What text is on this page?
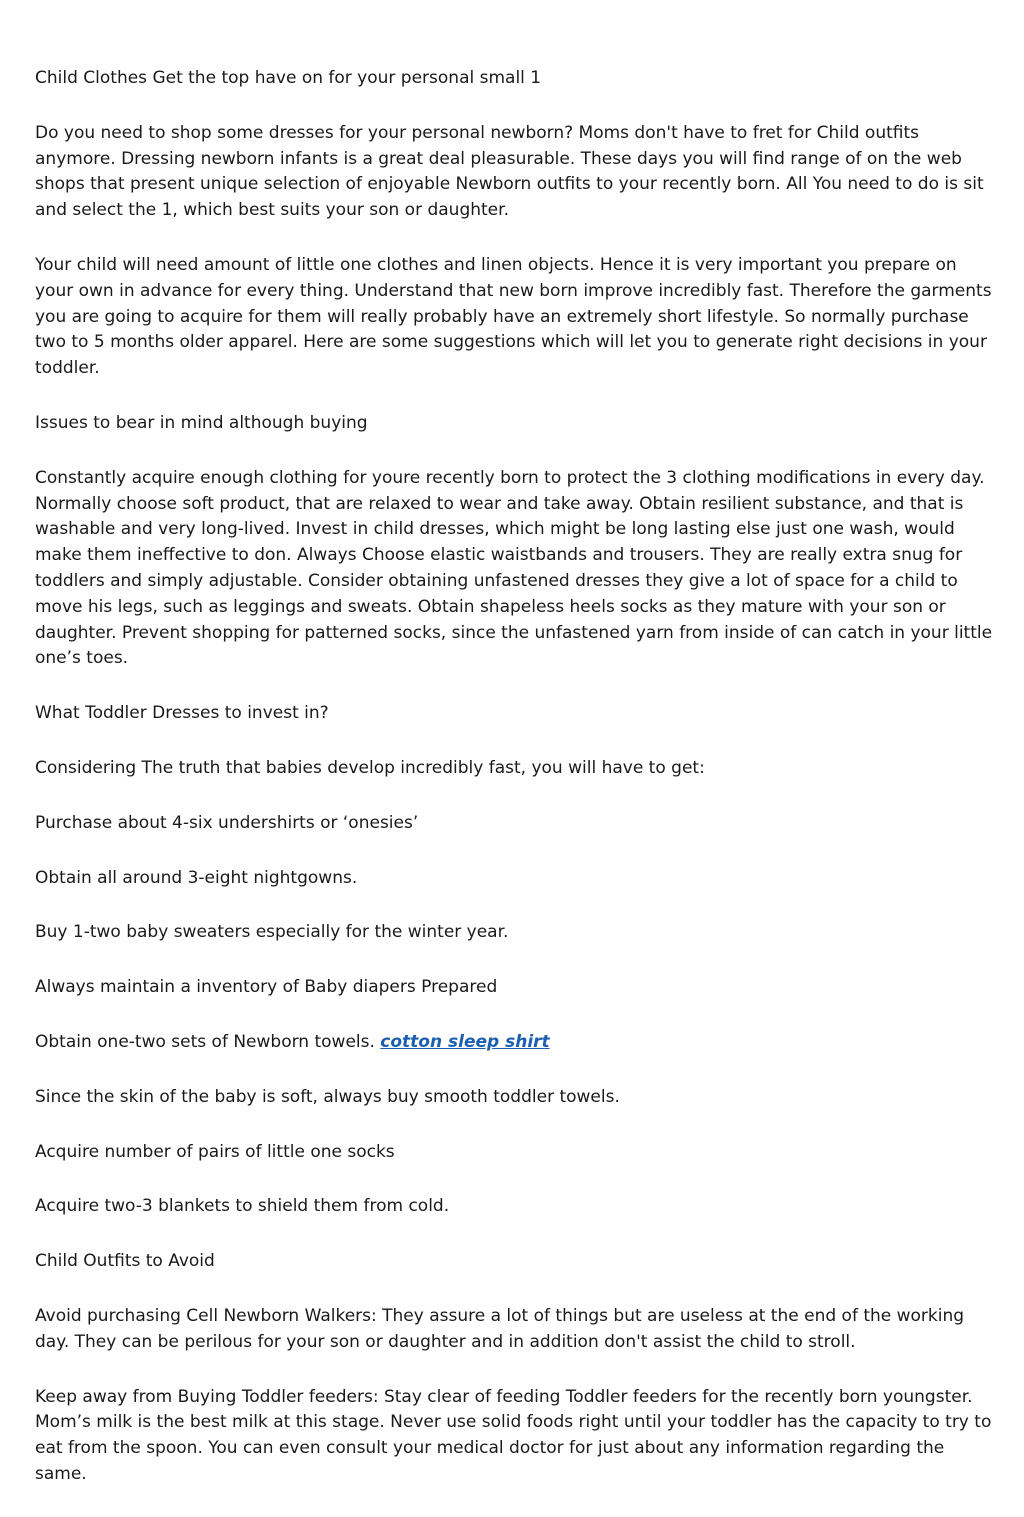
Child Clothes Get the top have on for your personal small 1

Do you need to shop some dresses for your personal newborn? Moms don't have to fret for Child outfits anymore. Dressing newborn infants is a great deal pleasurable. These days you will find range of on the web shops that present unique selection of enjoyable Newborn outfits to your recently born. All You need to do is sit and select the 1, which best suits your son or daughter.

Your child will need amount of little one clothes and linen objects. Hence it is very important you prepare on your own in advance for every thing. Understand that new born improve incredibly fast. Therefore the garments you are going to acquire for them will really probably have an extremely short lifestyle. So normally purchase two to 5 months older apparel. Here are some suggestions which will let you to generate right decisions in your toddler.

Issues to bear in mind although buying

Constantly acquire enough clothing for youre recently born to protect the 3 clothing modifications in every day. Normally choose soft product, that are relaxed to wear and take away. Obtain resilient substance, and that is washable and very long-lived. Invest in child dresses, which might be long lasting else just one wash, would make them ineffective to don. Always Choose elastic waistbands and trousers. They are really extra snug for toddlers and simply adjustable. Consider obtaining unfastened dresses they give a lot of space for a child to move his legs, such as leggings and sweats. Obtain shapeless heels socks as they mature with your son or daughter. Prevent shopping for patterned socks, since the unfastened yarn from inside of can catch in your little one’s toes.

What Toddler Dresses to invest in?

Considering The truth that babies develop incredibly fast, you will have to get:

Purchase about 4-six undershirts or ‘onesies’

Obtain all around 3-eight nightgowns.

Buy 1-two baby sweaters especially for the winter year.

Always maintain a inventory of Baby diapers Prepared

Obtain one-two sets of Newborn towels. cotton sleep shirt

Since the skin of the baby is soft, always buy smooth toddler towels.

Acquire number of pairs of little one socks

Acquire two-3 blankets to shield them from cold.

Child Outfits to Avoid

Avoid purchasing Cell Newborn Walkers: They assure a lot of things but are useless at the end of the working day. They can be perilous for your son or daughter and in addition don't assist the child to stroll.

Keep away from Buying Toddler feeders: Stay clear of feeding Toddler feeders for the recently born youngster. Mom’s milk is the best milk at this stage. Never use solid foods right until your toddler has the capacity to try to eat from the spoon. You can even consult your medical doctor for just about any information regarding the same.
